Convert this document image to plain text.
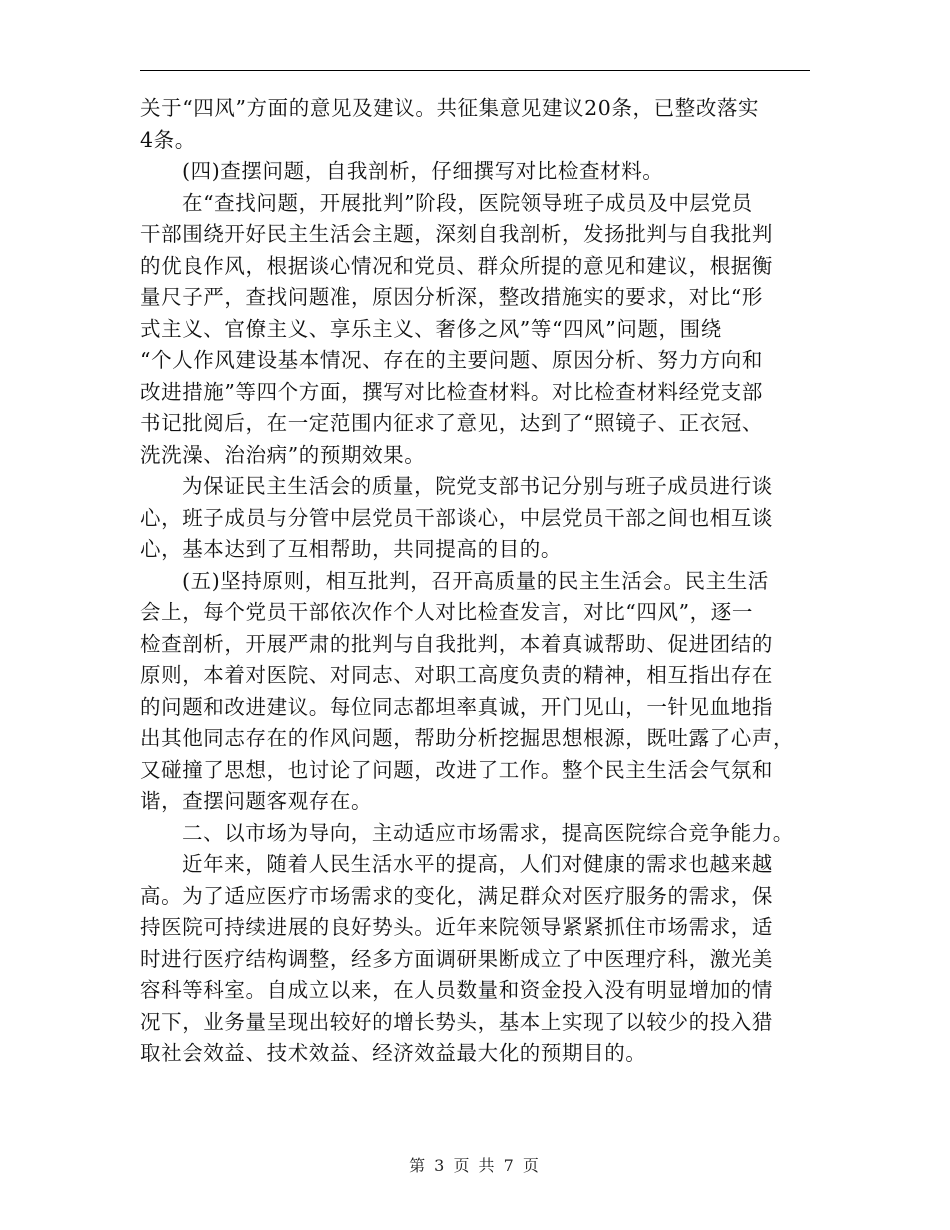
关于“四风”方面的意见及建议。共征集意见建议20条，已整改落实
4条。
(四)查摆问题，自我剖析，仔细撰写对比检查材料。
在“查找问题，开展批判”阶段，医院领导班子成员及中层党员
干部围绕开好民主生活会主题，深刻自我剖析，发扬批判与自我批判
的优良作风，根据谈心情况和党员、群众所提的意见和建议，根据衡
量尺子严，查找问题准，原因分析深，整改措施实的要求，对比“形
式主义、官僚主义、享乐主义、奢侈之风”等“四风”问题，围绕
“个人作风建设基本情况、存在的主要问题、原因分析、努力方向和
改进措施”等四个方面，撰写对比检查材料。对比检查材料经党支部
书记批阅后，在一定范围内征求了意见，达到了“照镜子、正衣冠、
洗洗澡、治治病”的预期效果。
为保证民主生活会的质量，院党支部书记分别与班子成员进行谈
心，班子成员与分管中层党员干部谈心，中层党员干部之间也相互谈
心，基本达到了互相帮助，共同提高的目的。
(五)坚持原则，相互批判，召开高质量的民主生活会。民主生活
会上，每个党员干部依次作个人对比检查发言，对比“四风”，逐一
检查剖析，开展严肃的批判与自我批判，本着真诚帮助、促进团结的
原则，本着对医院、对同志、对职工高度负责的精神，相互指出存在
的问题和改进建议。每位同志都坦率真诚，开门见山，一针见血地指
出其他同志存在的作风问题，帮助分析挖掘思想根源，既吐露了心声，
又碰撞了思想，也讨论了问题，改进了工作。整个民主生活会气氛和
谐，查摆问题客观存在。
二、以市场为导向，主动适应市场需求，提高医院综合竞争能力。
近年来，随着人民生活水平的提高，人们对健康的需求也越来越
高。为了适应医疗市场需求的变化，满足群众对医疗服务的需求，保
持医院可持续进展的良好势头。近年来院领导紧紧抓住市场需求，适
时进行医疗结构调整，经多方面调研果断成立了中医理疗科，激光美
容科等科室。自成立以来，在人员数量和资金投入没有明显增加的情
况下，业务量呈现出较好的增长势头，基本上实现了以较少的投入猎
取社会效益、技术效益、经济效益最大化的预期目的。
第 3 页 共 7 页
